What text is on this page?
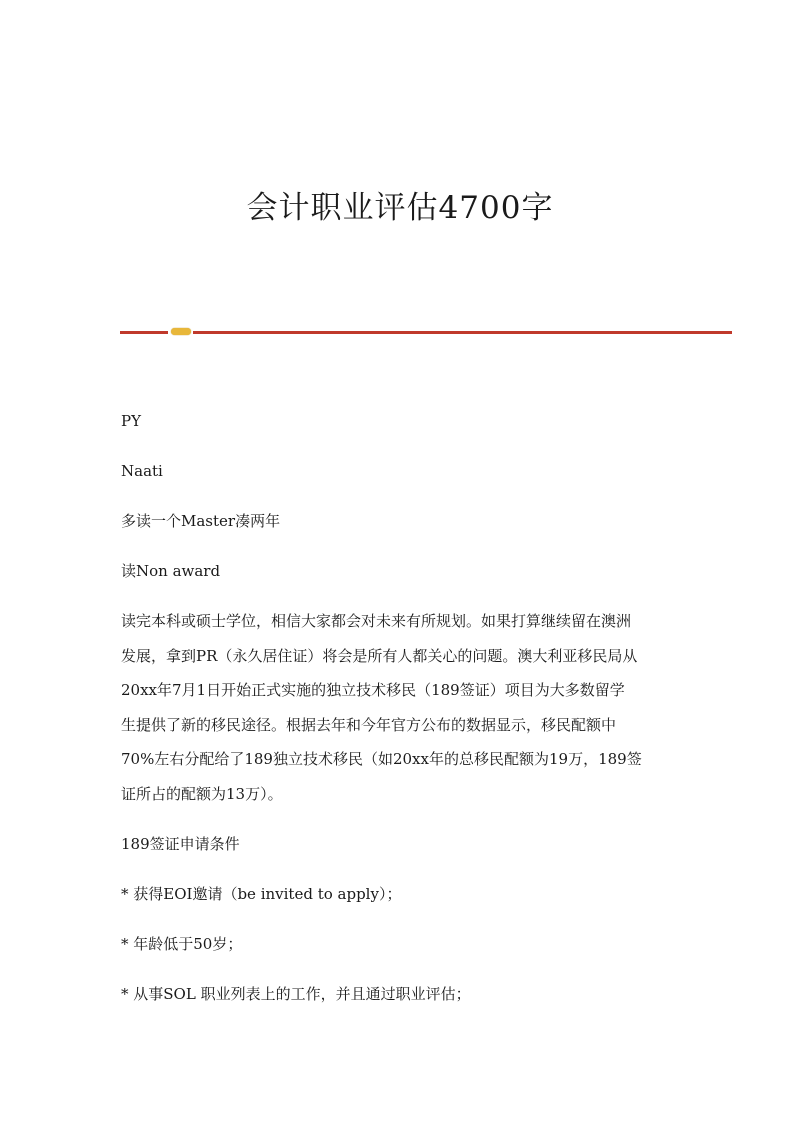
会计职业评估4700字

PY

Naati

多读一个Master凑两年

读Non award

读完本科或硕士学位，相信大家都会对未来有所规划。如果打算继续留在澳洲

发展，拿到PR（永久居住证）将会是所有人都关心的问题。澳大利亚移民局从

20xx年7月1日开始正式实施的独立技术移民（189签证）项目为大多数留学

生提供了新的移民途径。根据去年和今年官方公布的数据显示，移民配额中

70%左右分配给了189独立技术移民（如20xx年的总移民配额为19万，189签

证所占的配额为13万）。

189签证申请条件

* 获得EOI邀请（be invited to apply）；

* 年龄低于50岁；

* 从事SOL 职业列表上的工作，并且通过职业评估；
